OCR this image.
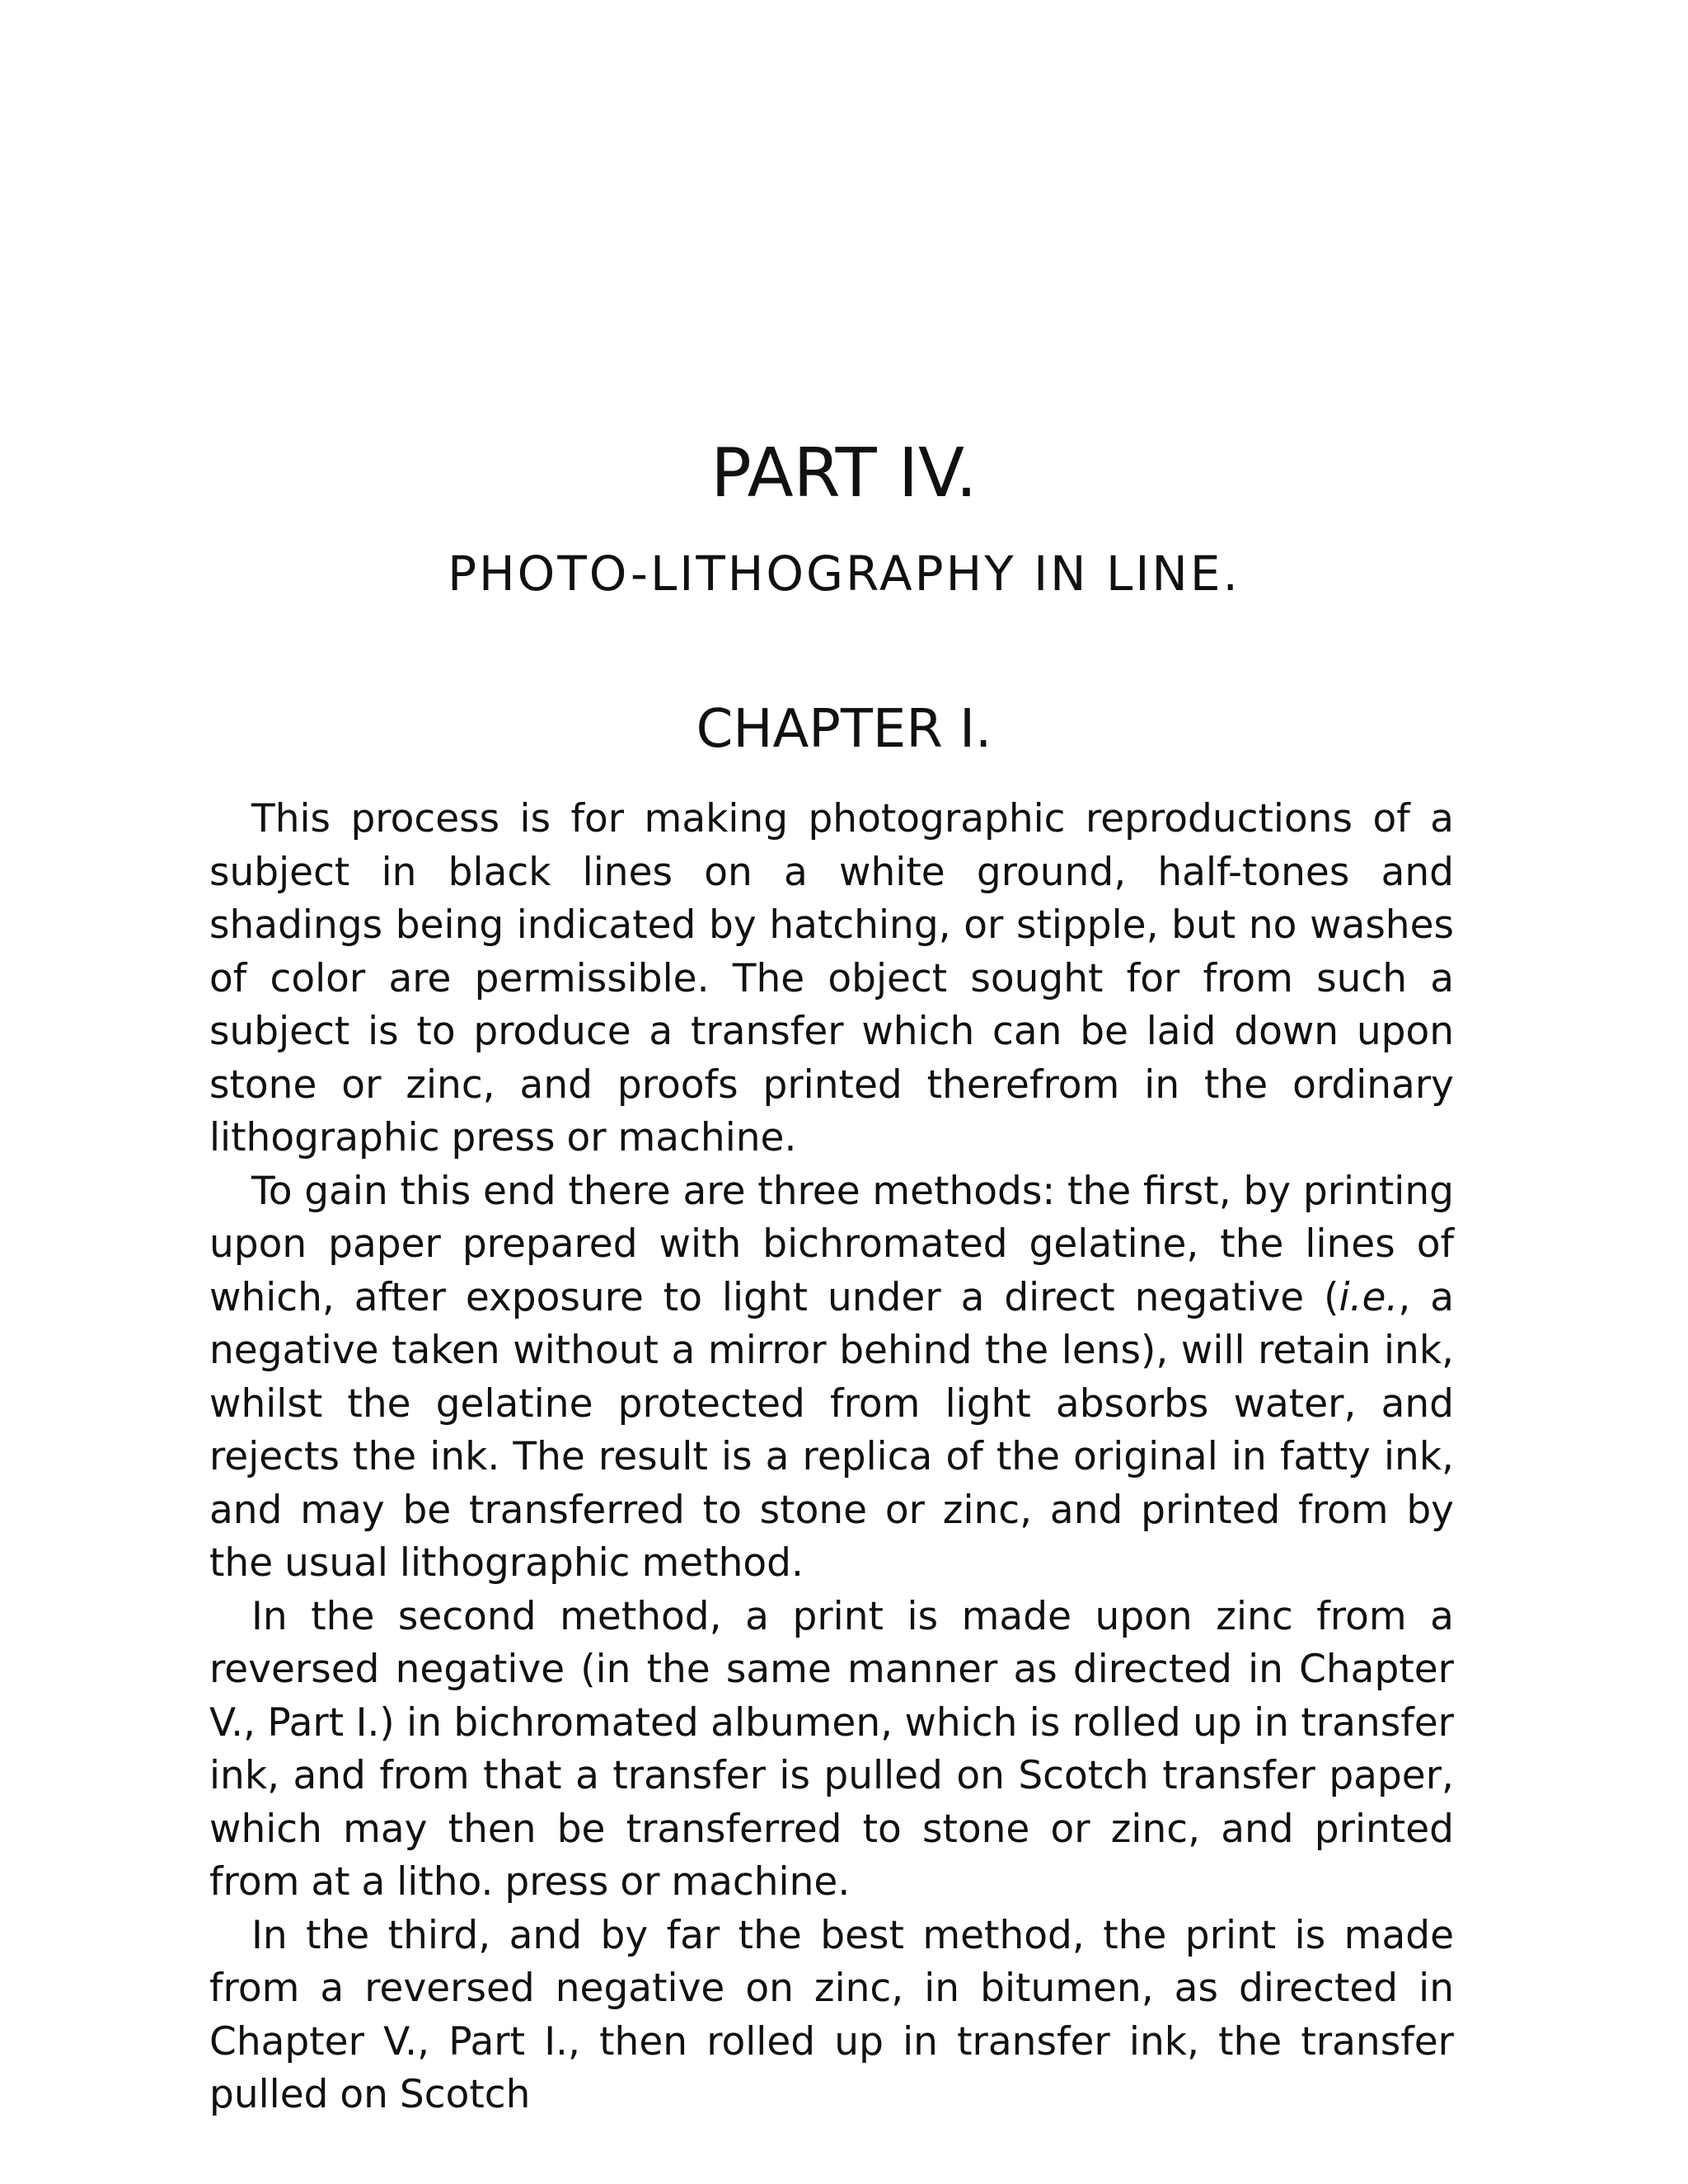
PART IV.
PHOTO-LITHOGRAPHY IN LINE.
CHAPTER I.

This process is for making photographic reproductions of a subject in black lines on a white ground, half-tones and shadings being indicated by hatching, or stipple, but no washes of color are permissible. The object sought for from such a subject is to produce a transfer which can be laid down upon stone or zinc, and proofs printed therefrom in the ordinary lithographic press or machine.

To gain this end there are three methods: the first, by printing upon paper prepared with bichromated gelatine, the lines of which, after exposure to light under a direct negative (i.e., a negative taken without a mirror behind the lens), will retain ink, whilst the gelatine protected from light absorbs water, and rejects the ink. The result is a replica of the original in fatty ink, and may be transferred to stone or zinc, and printed from by the usual lithographic method.

In the second method, a print is made upon zinc from a reversed negative (in the same manner as directed in Chapter V., Part I.) in bichromated albumen, which is rolled up in transfer ink, and from that a transfer is pulled on Scotch transfer paper, which may then be transferred to stone or zinc, and printed from at a litho. press or machine.

In the third, and by far the best method, the print is made from a reversed negative on zinc, in bitumen, as directed in Chapter V., Part I., then rolled up in transfer ink, the transfer pulled on Scotch
